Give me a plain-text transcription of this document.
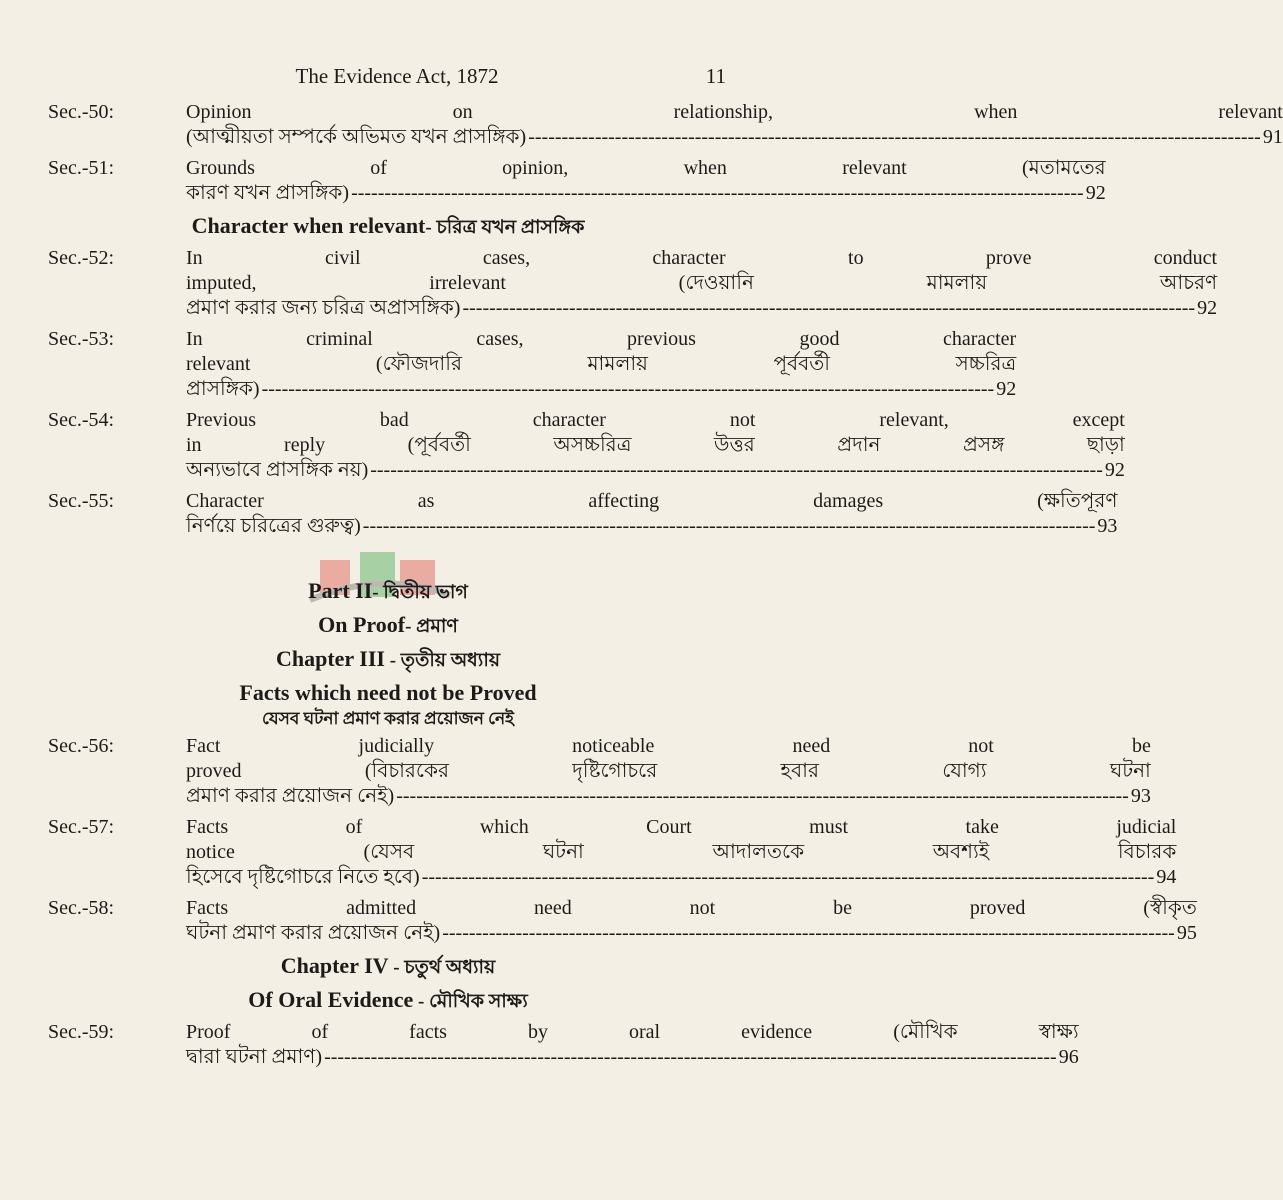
The Evidence Act, 1872	11
Sec.-50:	Opinion on relationship, when relevant
(আত্মীয়তা সম্পর্কে অভিমত যখন প্রাসঙ্গিক) -----	91
Sec.-51:	Grounds of opinion, when relevant (মতামতের
কারণ যখন প্রাসঙ্গিক) -----	92
Character when relevant- চরিত্র যখন প্রাসঙ্গিক
Sec.-52:	In civil cases, character to prove conduct
imputed, irrelevant (দেওয়ানি মামলায় আচরণ
প্রমাণ করার জন্য চরিত্র অপ্রাসঙ্গিক) -----	92
Sec.-53:	In criminal cases, previous good character
relevant (ফৌজদারি মামলায় পূর্ববর্তী সচ্চরিত্র
প্রাসঙ্গিক) -----	92
Sec.-54:	Previous bad character not relevant, except
in reply (পূর্ববর্তী অসচ্চরিত্র উত্তর প্রদান প্রসঙ্গ ছাড়া
অন্যভাবে প্রাসঙ্গিক নয়) -----	92
Sec.-55:	Character as affecting damages (ক্ষতিপূরণ
নির্ণয়ে চরিত্রের গুরুত্ব) -----	93
Part II- দ্বিতীয় ভাগ
On Proof- প্রমাণ
Chapter III - তৃতীয় অধ্যায়
Facts which need not be Proved
যেসব ঘটনা প্রমাণ করার প্রয়োজন নেই
Sec.-56:	Fact judicially noticeable need not be
proved (বিচারকের দৃষ্টিগোচরে হবার যোগ্য ঘটনা
প্রমাণ করার প্রয়োজন নেই) -----	93
Sec.-57:	Facts of which Court must take judicial
notice (যেসব ঘটনা আদালতকে অবশ্যই বিচারক
হিসেবে দৃষ্টিগোচরে নিতে হবে) -----	94
Sec.-58:	Facts admitted need not be proved (স্বীকৃত
ঘটনা প্রমাণ করার প্রয়োজন নেই) -----	95
Chapter IV - চতুর্থ অধ্যায়
Of Oral Evidence - মৌখিক সাক্ষ্য
Sec.-59:	Proof of facts by oral evidence (মৌখিক স্বাক্ষ্য
দ্বারা ঘটনা প্রমাণ) -----	96
